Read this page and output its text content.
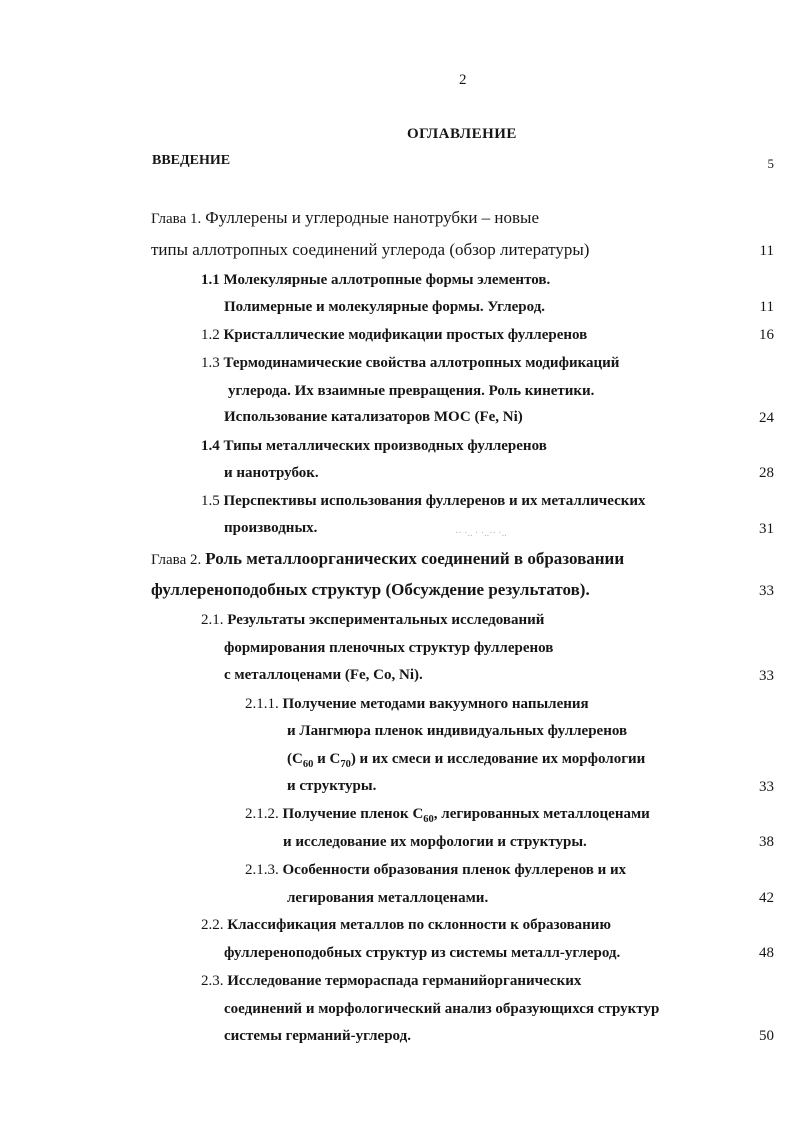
2
ОГЛАВЛЕНИЕ
ВВЕДЕНИЕ	5
Глава 1. Фуллерены и углеродные нанотрубки – новые
типы аллотропных соединений углерода (обзор литературы)	11
1.1 Молекулярные аллотропные формы элементов.
Полимерные и молекулярные формы. Углерод.	11
1.2 Кристаллические модификации простых фуллеренов	16
1.3 Термодинамические свойства аллотропных модификаций
углерода. Их взаимные превращения. Роль кинетики.
Использование катализаторов МОС (Fe, Ni)	24
1.4 Типы металлических производных фуллеренов
и нанотрубок.	28
1.5 Перспективы использования фуллеренов и их металлических
производных.	31
·· ·.. · ·..·· ·..
Глава 2. Роль металлоорганических соединений в образовании
фуллереноподобных структур (Обсуждение результатов).	33
2.1. Результаты экспериментальных исследований
формирования пленочных структур фуллеренов
с металлоценами (Fe, Co, Ni).	33
2.1.1. Получение методами вакуумного напыления
и Лангмюра пленок индивидуальных фуллеренов
($C_{60}$ и $C_{70}$) и их смеси и исследование их морфологии
и структуры.	33
2.1.2. Получение пленок $C_{60}$, легированных металлоценами
и исследование их морфологии и структуры.	38
2.1.3. Особенности образования пленок фуллеренов и их
легирования металлоценами.	42
2.2. Классификация металлов по склонности к образованию
фуллереноподобных структур из системы металл-углерод.	48
2.3. Исследование термораспада германийорганических
соединений и морфологический анализ образующихся структур
системы германий-углерод.	50
